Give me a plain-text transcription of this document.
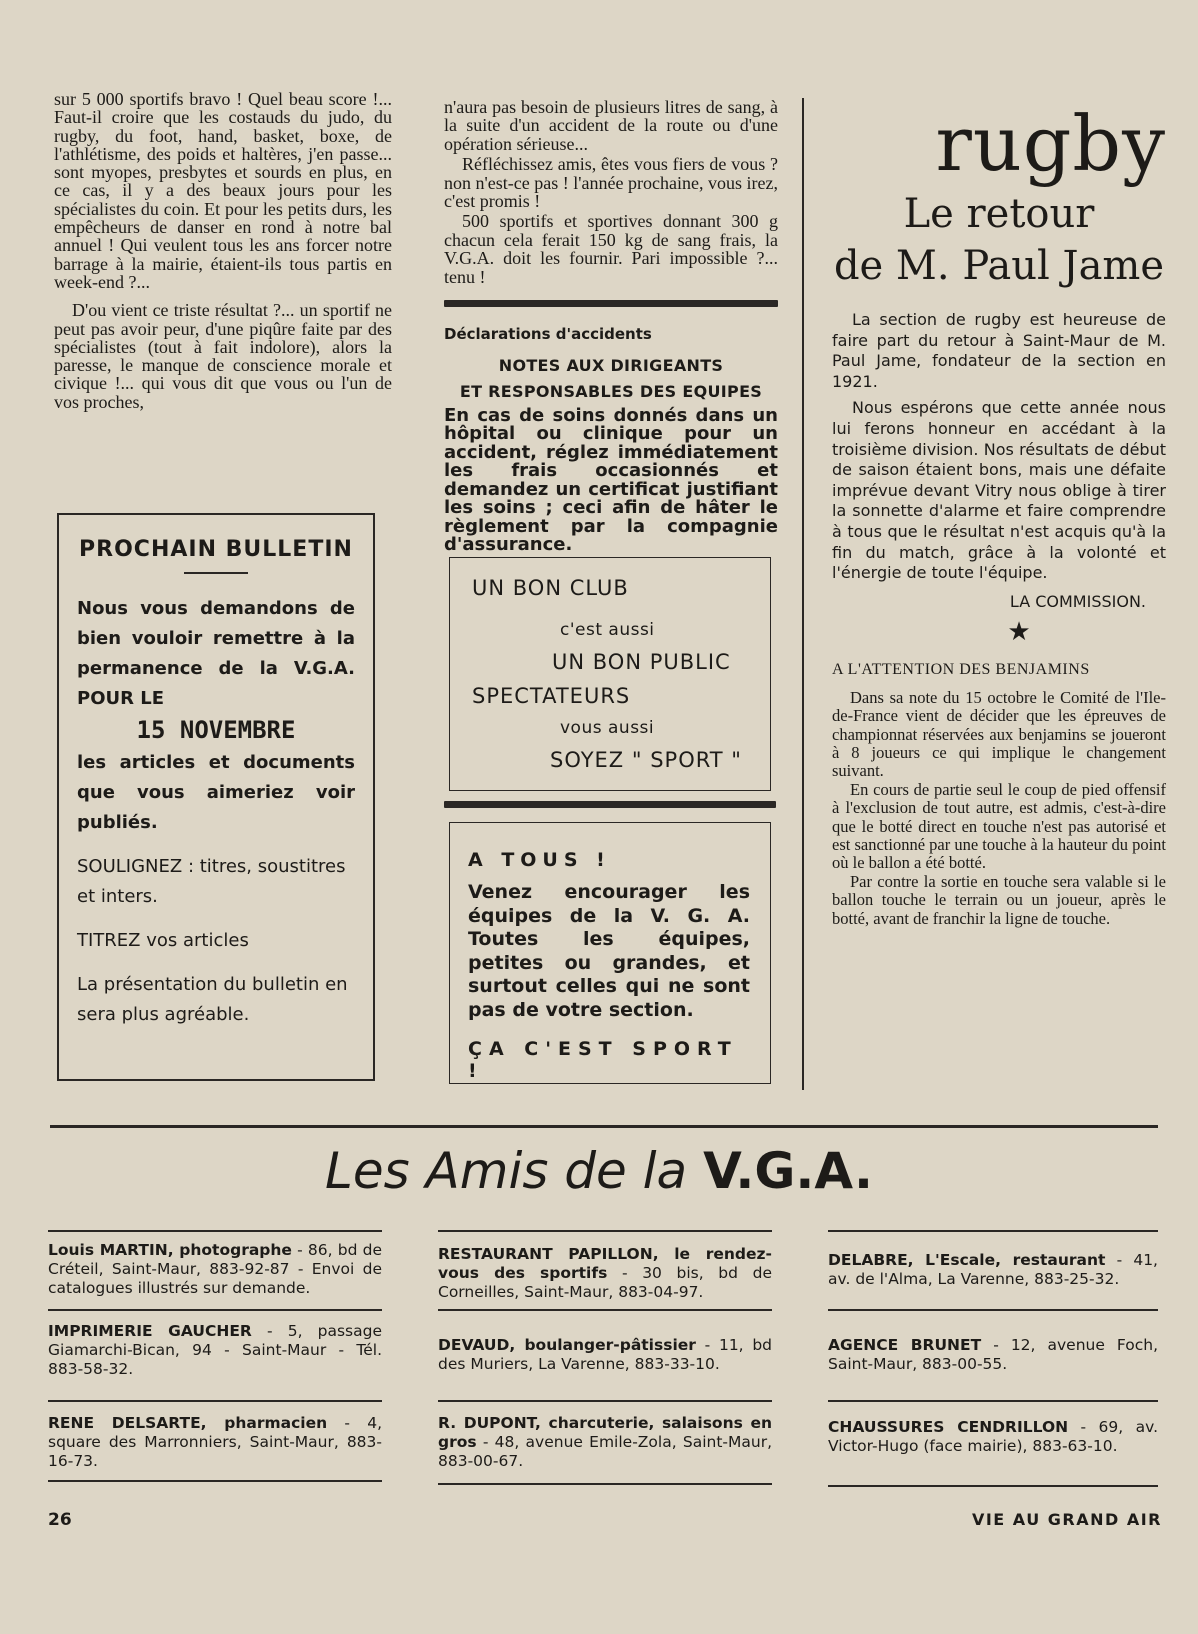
sur 5 000 sportifs bravo ! Quel beau score !... Faut-il croire que les costauds du judo, du rugby, du foot, hand, basket, boxe, de l'athlétisme, des poids et haltères, j'en passe... sont myopes, presbytes et sourds en plus, en ce cas, il y a des beaux jours pour les spécialistes du coin. Et pour les petits durs, les empêcheurs de danser en rond à notre bal annuel ! Qui veulent tous les ans forcer notre barrage à la mairie, étaient-ils tous partis en week-end ?...

D'ou vient ce triste résultat ?... un sportif ne peut pas avoir peur, d'une piqûre faite par des spécialistes (tout à fait indolore), alors la paresse, le manque de conscience morale et civique !... qui vous dit que vous ou l'un de vos proches,

PROCHAIN BULLETIN

Nous vous demandons de bien vouloir remettre à la permanence de la V.G.A. POUR LE

15 NOVEMBRE

les articles et documents que vous aimeriez voir publiés.

SOULIGNEZ : titres, soustitres et inters.

TITREZ vos articles

La présentation du bulletin en sera plus agréable.

n'aura pas besoin de plusieurs litres de sang, à la suite d'un accident de la route ou d'une opération sérieuse...

Réfléchissez amis, êtes vous fiers de vous ? non n'est-ce pas ! l'année prochaine, vous irez, c'est promis !

500 sportifs et sportives donnant 300 g chacun cela ferait 150 kg de sang frais, la V.G.A. doit les fournir. Pari impossible ?... tenu !

Déclarations d'accidents
NOTES AUX DIRIGEANTS
ET RESPONSABLES DES EQUIPES

En cas de soins donnés dans un hôpital ou clinique pour un accident, réglez immédiatement les frais occasionnés et demandez un certificat justifiant les soins ; ceci afin de hâter le règlement par la compagnie d'assurance.

UN BON CLUB
c'est aussi
UN BON PUBLIC
SPECTATEURS
vous aussi
SOYEZ " SPORT "
A TOUS !

Venez encourager les équipes de la V. G. A. Toutes les équipes, petites ou grandes, et surtout celles qui ne sont pas de votre section.

ÇA C'EST SPORT !
rugby
Le retour
de M. Paul Jame

La section de rugby est heureuse de faire part du retour à Saint-Maur de M. Paul Jame, fondateur de la section en 1921.

Nous espérons que cette année nous lui ferons honneur en accédant à la troisième division. Nos résultats de début de saison étaient bons, mais une défaite imprévue devant Vitry nous oblige à tirer la sonnette d'alarme et faire comprendre à tous que le résultat n'est acquis qu'à la fin du match, grâce à la volonté et l'énergie de toute l'équipe.

LA COMMISSION.
★
A L'ATTENTION DES BENJAMINS

Dans sa note du 15 octobre le Comité de l'Ile-de-France vient de décider que les épreuves de championnat réservées aux benjamins se joueront à 8 joueurs ce qui implique le changement suivant.

En cours de partie seul le coup de pied offensif à l'exclusion de tout autre, est admis, c'est-à-dire que le botté direct en touche n'est pas autorisé et est sanctionné par une touche à la hauteur du point où le ballon a été botté.

Par contre la sortie en touche sera valable si le ballon touche le terrain ou un joueur, après le botté, avant de franchir la ligne de touche.

Les Amis de la V.G.A.
Louis MARTIN, photographe - 86, bd de Créteil, Saint-Maur, 883-92-87 - Envoi de catalogues illustrés sur demande.
RESTAURANT PAPILLON, le rendez-vous des sportifs - 30 bis, bd de Corneilles, Saint-Maur, 883-04-97.
DELABRE, L'Escale, restaurant - 41, av. de l'Alma, La Varenne, 883-25-32.
IMPRIMERIE GAUCHER - 5, passage Giamarchi-Bican, 94 - Saint-Maur - Tél. 883-58-32.
DEVAUD, boulanger-pâtissier - 11, bd des Muriers, La Varenne, 883-33-10.
AGENCE BRUNET - 12, avenue Foch, Saint-Maur, 883-00-55.
RENE DELSARTE, pharmacien - 4, square des Marronniers, Saint-Maur, 883-16-73.
R. DUPONT, charcuterie, salaisons en gros - 48, avenue Emile-Zola, Saint-Maur, 883-00-67.
CHAUSSURES CENDRILLON - 69, av. Victor-Hugo (face mairie), 883-63-10.
26	VIE AU GRAND AIR
